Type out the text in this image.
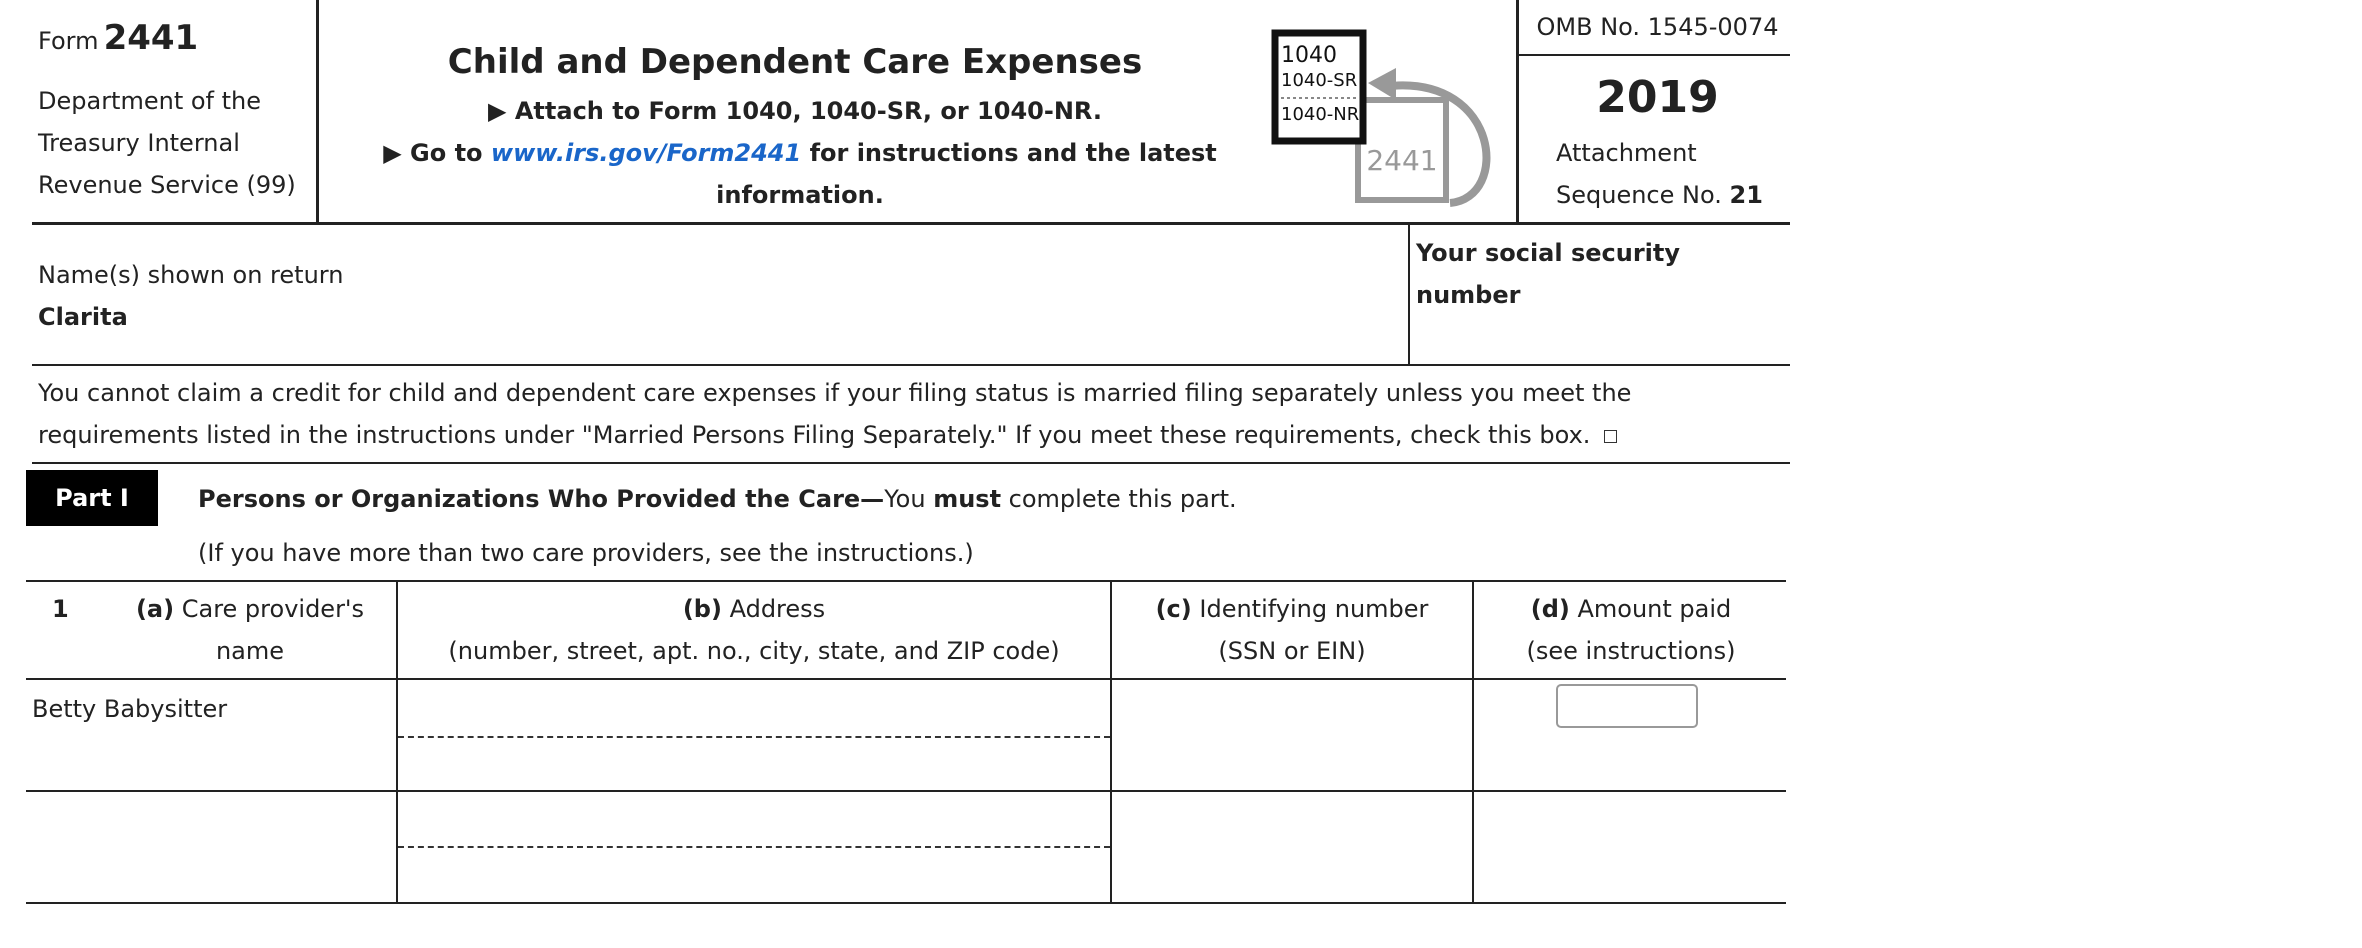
Form 2441
Department of the
Treasury Internal
Revenue Service (99)
Child and Dependent Care Expenses
▶ Attach to Form 1040, 1040-SR, or 1040-NR.
▶ Go to www.irs.gov/Form2441 for instructions and the latest information.
2441
1040
1040-SR
1040-NR
OMB No. 1545-0074
2019
Attachment
Sequence No. 21
Name(s) shown on return
Clarita
Your social security number
You cannot claim a credit for child and dependent care expenses if your filing status is married filing separately unless you meet the
requirements listed in the instructions under "Married Persons Filing Separately." If you meet these requirements, check this box.
Part I	Persons or Organizations Who Provided the Care—You must complete this part.
(If you have more than two care providers, see the instructions.)
1	(a) Care provider's name
(b) Address
(number, street, apt. no., city, state, and ZIP code)
(c) Identifying number
(SSN or EIN)
(d) Amount paid
(see instructions)
Betty Babysitter
